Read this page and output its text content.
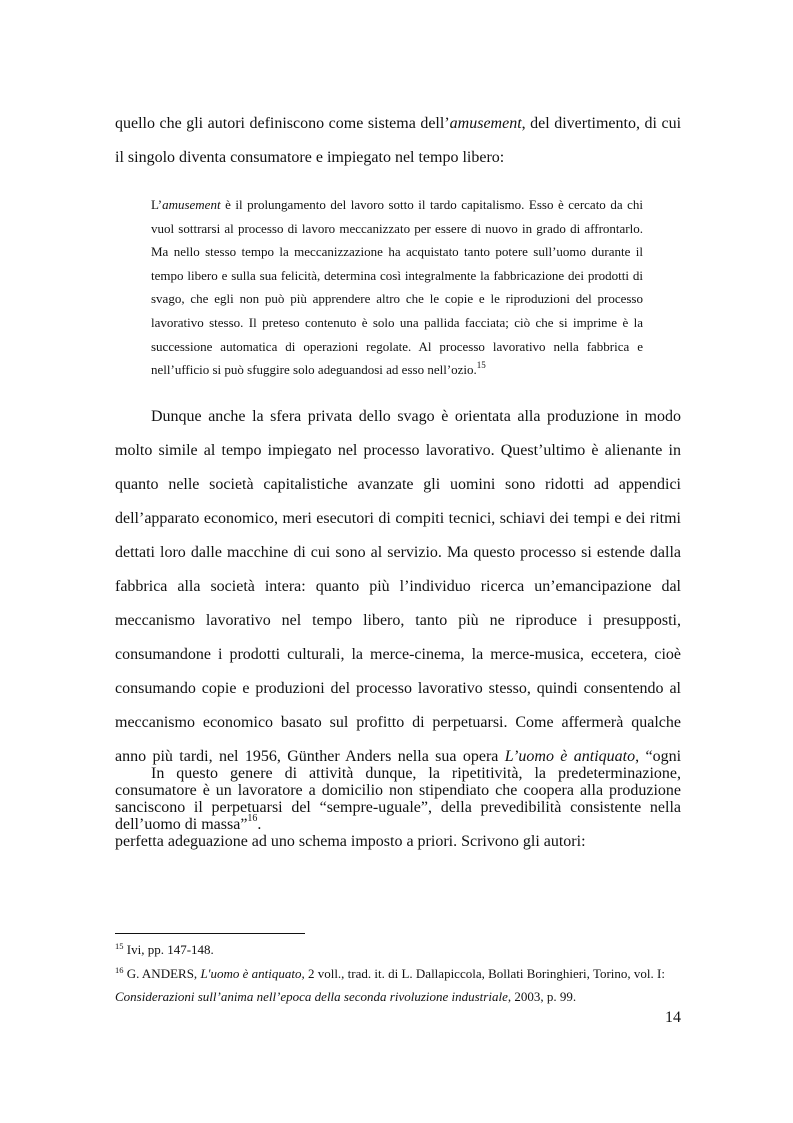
quello che gli autori definiscono come sistema dell’amusement, del divertimento, di cui il singolo diventa consumatore e impiegato nel tempo libero:

L’amusement è il prolungamento del lavoro sotto il tardo capitalismo. Esso è cercato da chi vuol sottrarsi al processo di lavoro meccanizzato per essere di nuovo in grado di affrontarlo. Ma nello stesso tempo la meccanizzazione ha acquistato tanto potere sull’uomo durante il tempo libero e sulla sua felicità, determina così integralmente la fabbricazione dei prodotti di svago, che egli non può più apprendere altro che le copie e le riproduzioni del processo lavorativo stesso. Il preteso contenuto è solo una pallida facciata; ciò che si imprime è la successione automatica di operazioni regolate. Al processo lavorativo nella fabbrica e nell’ufficio si può sfuggire solo adeguandosi ad esso nell’ozio.$^{15}$

Dunque anche la sfera privata dello svago è orientata alla produzione in modo molto simile al tempo impiegato nel processo lavorativo. Quest’ultimo è alienante in quanto nelle società capitalistiche avanzate gli uomini sono ridotti ad appendici dell’apparato economico, meri esecutori di compiti tecnici, schiavi dei tempi e dei ritmi dettati loro dalle macchine di cui sono al servizio. Ma questo processo si estende dalla fabbrica alla società intera: quanto più l’individuo ricerca un’emancipazione dal meccanismo lavorativo nel tempo libero, tanto più ne riproduce i presupposti, consumandone i prodotti culturali, la merce-cinema, la merce-musica, eccetera, cioè consumando copie e produzioni del processo lavorativo stesso, quindi consentendo al meccanismo economico basato sul profitto di perpetuarsi. Come affermerà qualche anno più tardi, nel 1956, Günther Anders nella sua opera L’uomo è antiquato, “ogni consumatore è un lavoratore a domicilio non stipendiato che coopera alla produzione dell’uomo di massa”$^{16}$.

In questo genere di attività dunque, la ripetitività, la predeterminazione, sanciscono il perpetuarsi del “sempre-uguale”, della prevedibilità consistente nella perfetta adeguazione ad uno schema imposto a priori. Scrivono gli autori:

$^{15}$ Ivi, pp. 147-148.

$^{16}$ G. ANDERS, L'uomo è antiquato, 2 voll., trad. it. di L. Dallapiccola, Bollati Boringhieri, Torino, vol. I: Considerazioni sull’anima nell’epoca della seconda rivoluzione industriale, 2003, p. 99.

14
